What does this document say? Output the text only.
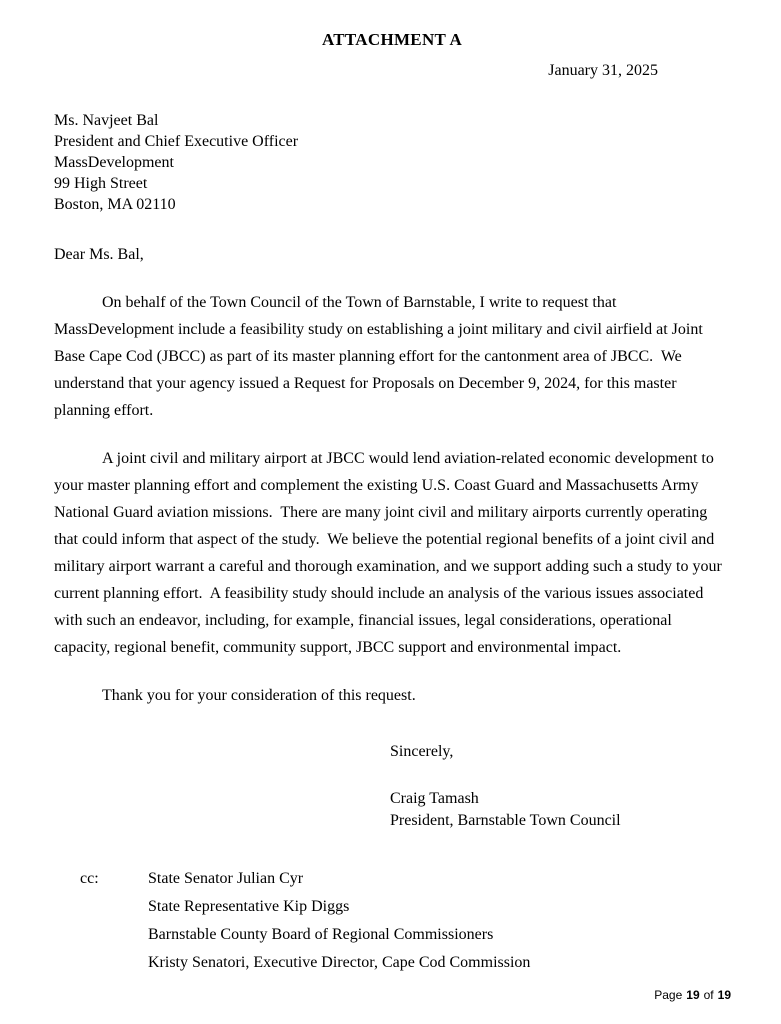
ATTACHMENT A
January 31, 2025
Ms. Navjeet Bal
President and Chief Executive Officer
MassDevelopment
99 High Street
Boston, MA 02110
Dear Ms. Bal,

On behalf of the Town Council of the Town of Barnstable, I write to request that MassDevelopment include a feasibility study on establishing a joint military and civil airfield at Joint Base Cape Cod (JBCC) as part of its master planning effort for the cantonment area of JBCC.  We understand that your agency issued a Request for Proposals on December 9, 2024, for this master planning effort.

A joint civil and military airport at JBCC would lend aviation-related economic development to your master planning effort and complement the existing U.S. Coast Guard and Massachusetts Army National Guard aviation missions.  There are many joint civil and military airports currently operating that could inform that aspect of the study.  We believe the potential regional benefits of a joint civil and military airport warrant a careful and thorough examination, and we support adding such a study to your current planning effort.  A feasibility study should include an analysis of the various issues associated with such an endeavor, including, for example, financial issues, legal considerations, operational capacity, regional benefit, community support, JBCC support and environmental impact.

Thank you for your consideration of this request.

Sincerely,
Craig Tamash
President, Barnstable Town Council
cc:	State Senator Julian Cyr
State Representative Kip Diggs
Barnstable County Board of Regional Commissioners
Kristy Senatori, Executive Director, Cape Cod Commission
Page 19 of 19
